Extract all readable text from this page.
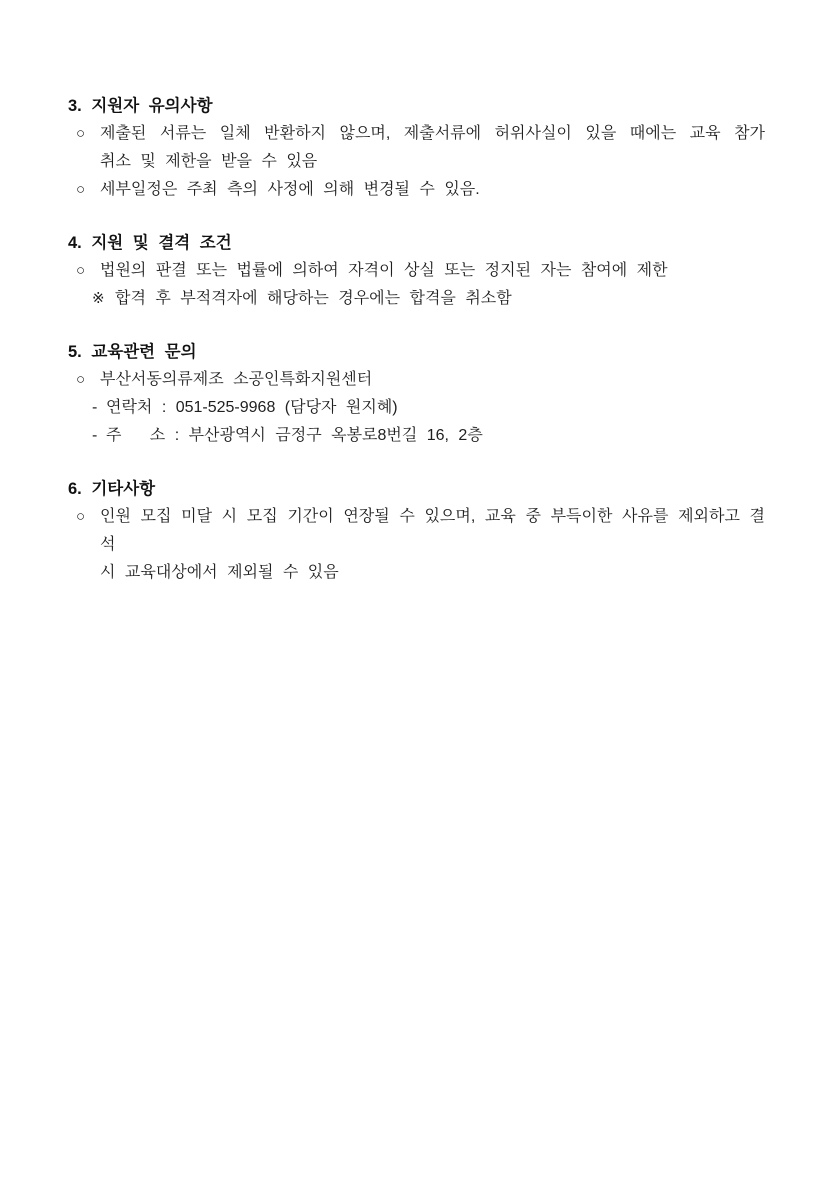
3. 지원자 유의사항
○ 제출된 서류는 일체 반환하지 않으며, 제출서류에 허위사실이 있을 때에는 교육 참가
취소 및 제한을 받을 수 있음
○ 세부일정은 주최 측의 사정에 의해 변경될 수 있음.
4. 지원 및 결격 조건
○ 법원의 판결 또는 법률에 의하여 자격이 상실 또는 정지된 자는 참여에 제한
※ 합격 후 부적격자에 해당하는 경우에는 합격을 취소함
5. 교육관련 문의
○ 부산서동의류제조 소공인특화지원센터
- 연락처 : 051-525-9968 (담당자 원지혜)
- 주   소 : 부산광역시 금정구 옥봉로8번길 16, 2층
6. 기타사항
○ 인원 모집 미달 시 모집 기간이 연장될 수 있으며, 교육 중 부득이한 사유를 제외하고 결석
시 교육대상에서 제외될 수 있음
